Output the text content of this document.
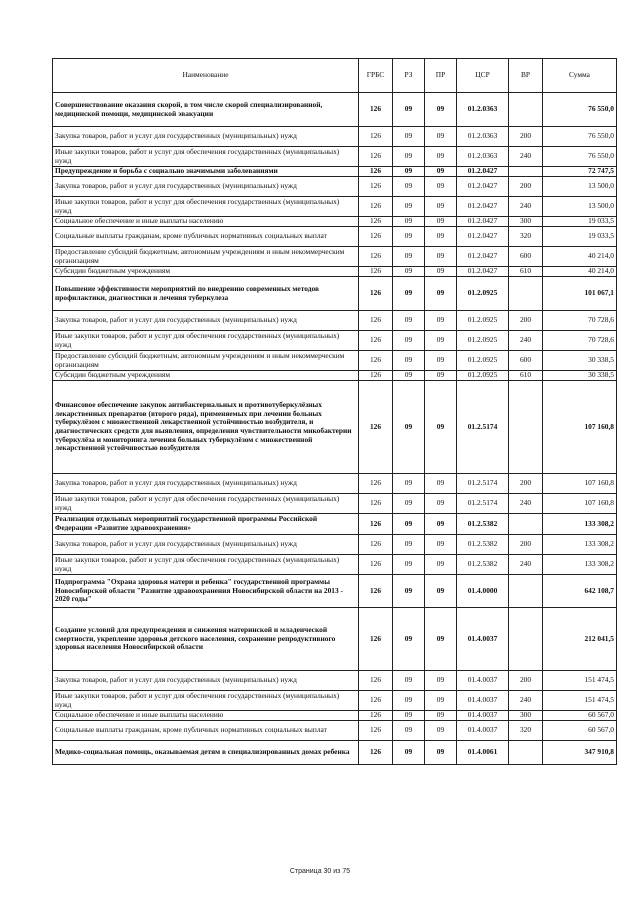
Наименование	ГРБС	РЗ	ПР	ЦСР	ВР	Сумма
Совершенствование оказания скорой, в том числе скорой специализированной, медицинской помощи, медицинской эвакуации	126	09	09	01.2.0363		76 550,0
Закупка товаров, работ и услуг для государственных (муниципальных) нужд	126	09	09	01.2.0363	200	76 550,0
Иные закупки товаров, работ и услуг для обеспечения государственных (муниципальных) нужд	126	09	09	01.2.0363	240	76 550,0
Предупреждение и борьба с социально значимыми заболеваниями	126	09	09	01.2.0427		72 747,5
Закупка товаров, работ и услуг для государственных (муниципальных) нужд	126	09	09	01.2.0427	200	13 500,0
Иные закупки товаров, работ и услуг для обеспечения государственных (муниципальных) нужд	126	09	09	01.2.0427	240	13 500,0
Социальное обеспечение и иные выплаты населению	126	09	09	01.2.0427	300	19 033,5
Социальные выплаты гражданам, кроме публичных нормативных социальных выплат	126	09	09	01.2.0427	320	19 033,5
Предоставление субсидий бюджетным, автономным учреждениям и иным некоммерческим организациям	126	09	09	01.2.0427	600	40 214,0
Субсидии бюджетным учреждениям	126	09	09	01.2.0427	610	40 214,0
Повышение эффективности мероприятий по внедрению современных методов профилактики, диагностики и лечения туберкулеза	126	09	09	01.2.0925		101 067,1
Закупка товаров, работ и услуг для государственных (муниципальных) нужд	126	09	09	01.2.0925	200	70 728,6
Иные закупки товаров, работ и услуг для обеспечения государственных (муниципальных) нужд	126	09	09	01.2.0925	240	70 728,6
Предоставление субсидий бюджетным, автономным учреждениям и иным некоммерческим организациям	126	09	09	01.2.0925	600	30 338,5
Субсидии бюджетным учреждениям	126	09	09	01.2.0925	610	30 338,5
Финансовое обеспечение закупок антибактериальных и противотуберкулёзных лекарственных препаратов (второго ряда), применяемых при лечении больных туберкулёзом с множественной лекарственной устойчивостью возбудителя, и диагностических средств для выявления, определения чувствительности микобактерии туберкулёза и мониторинга лечения больных туберкулёзом с множественной лекарственной устойчивостью возбудителя	126	09	09	01.2.5174		107 160,8
Закупка товаров, работ и услуг для государственных (муниципальных) нужд	126	09	09	01.2.5174	200	107 160,8
Иные закупки товаров, работ и услуг для обеспечения государственных (муниципальных) нужд	126	09	09	01.2.5174	240	107 160,8
Реализация отдельных мероприятий государственной программы Российской Федерации «Развитие здравоохранения»	126	09	09	01.2.5382		133 308,2
Закупка товаров, работ и услуг для государственных (муниципальных) нужд	126	09	09	01.2.5382	200	133 308,2
Иные закупки товаров, работ и услуг для обеспечения государственных (муниципальных) нужд	126	09	09	01.2.5382	240	133 308,2
Подпрограмма "Охрана здоровья матери и ребенка" государственной программы Новосибирской области "Развитие здравоохранения Новосибирской области на 2013 - 2020 годы"	126	09	09	01.4.0000		642 108,7
Создание условий для предупреждения и снижения материнской и младенческой смертности, укрепление здоровья детского населения, сохранение репродуктивного здоровья населения Новосибирской области	126	09	09	01.4.0037		212 041,5
Закупка товаров, работ и услуг для государственных (муниципальных) нужд	126	09	09	01.4.0037	200	151 474,5
Иные закупки товаров, работ и услуг для обеспечения государственных (муниципальных) нужд	126	09	09	01.4.0037	240	151 474,5
Социальное обеспечение и иные выплаты населению	126	09	09	01.4.0037	300	60 567,0
Социальные выплаты гражданам, кроме публичных нормативных социальных выплат	126	09	09	01.4.0037	320	60 567,0
Медико-социальная помощь, оказываемая детям в специализированных домах ребенка	126	09	09	01.4.0061		347 910,8
Страница 30 из 75
